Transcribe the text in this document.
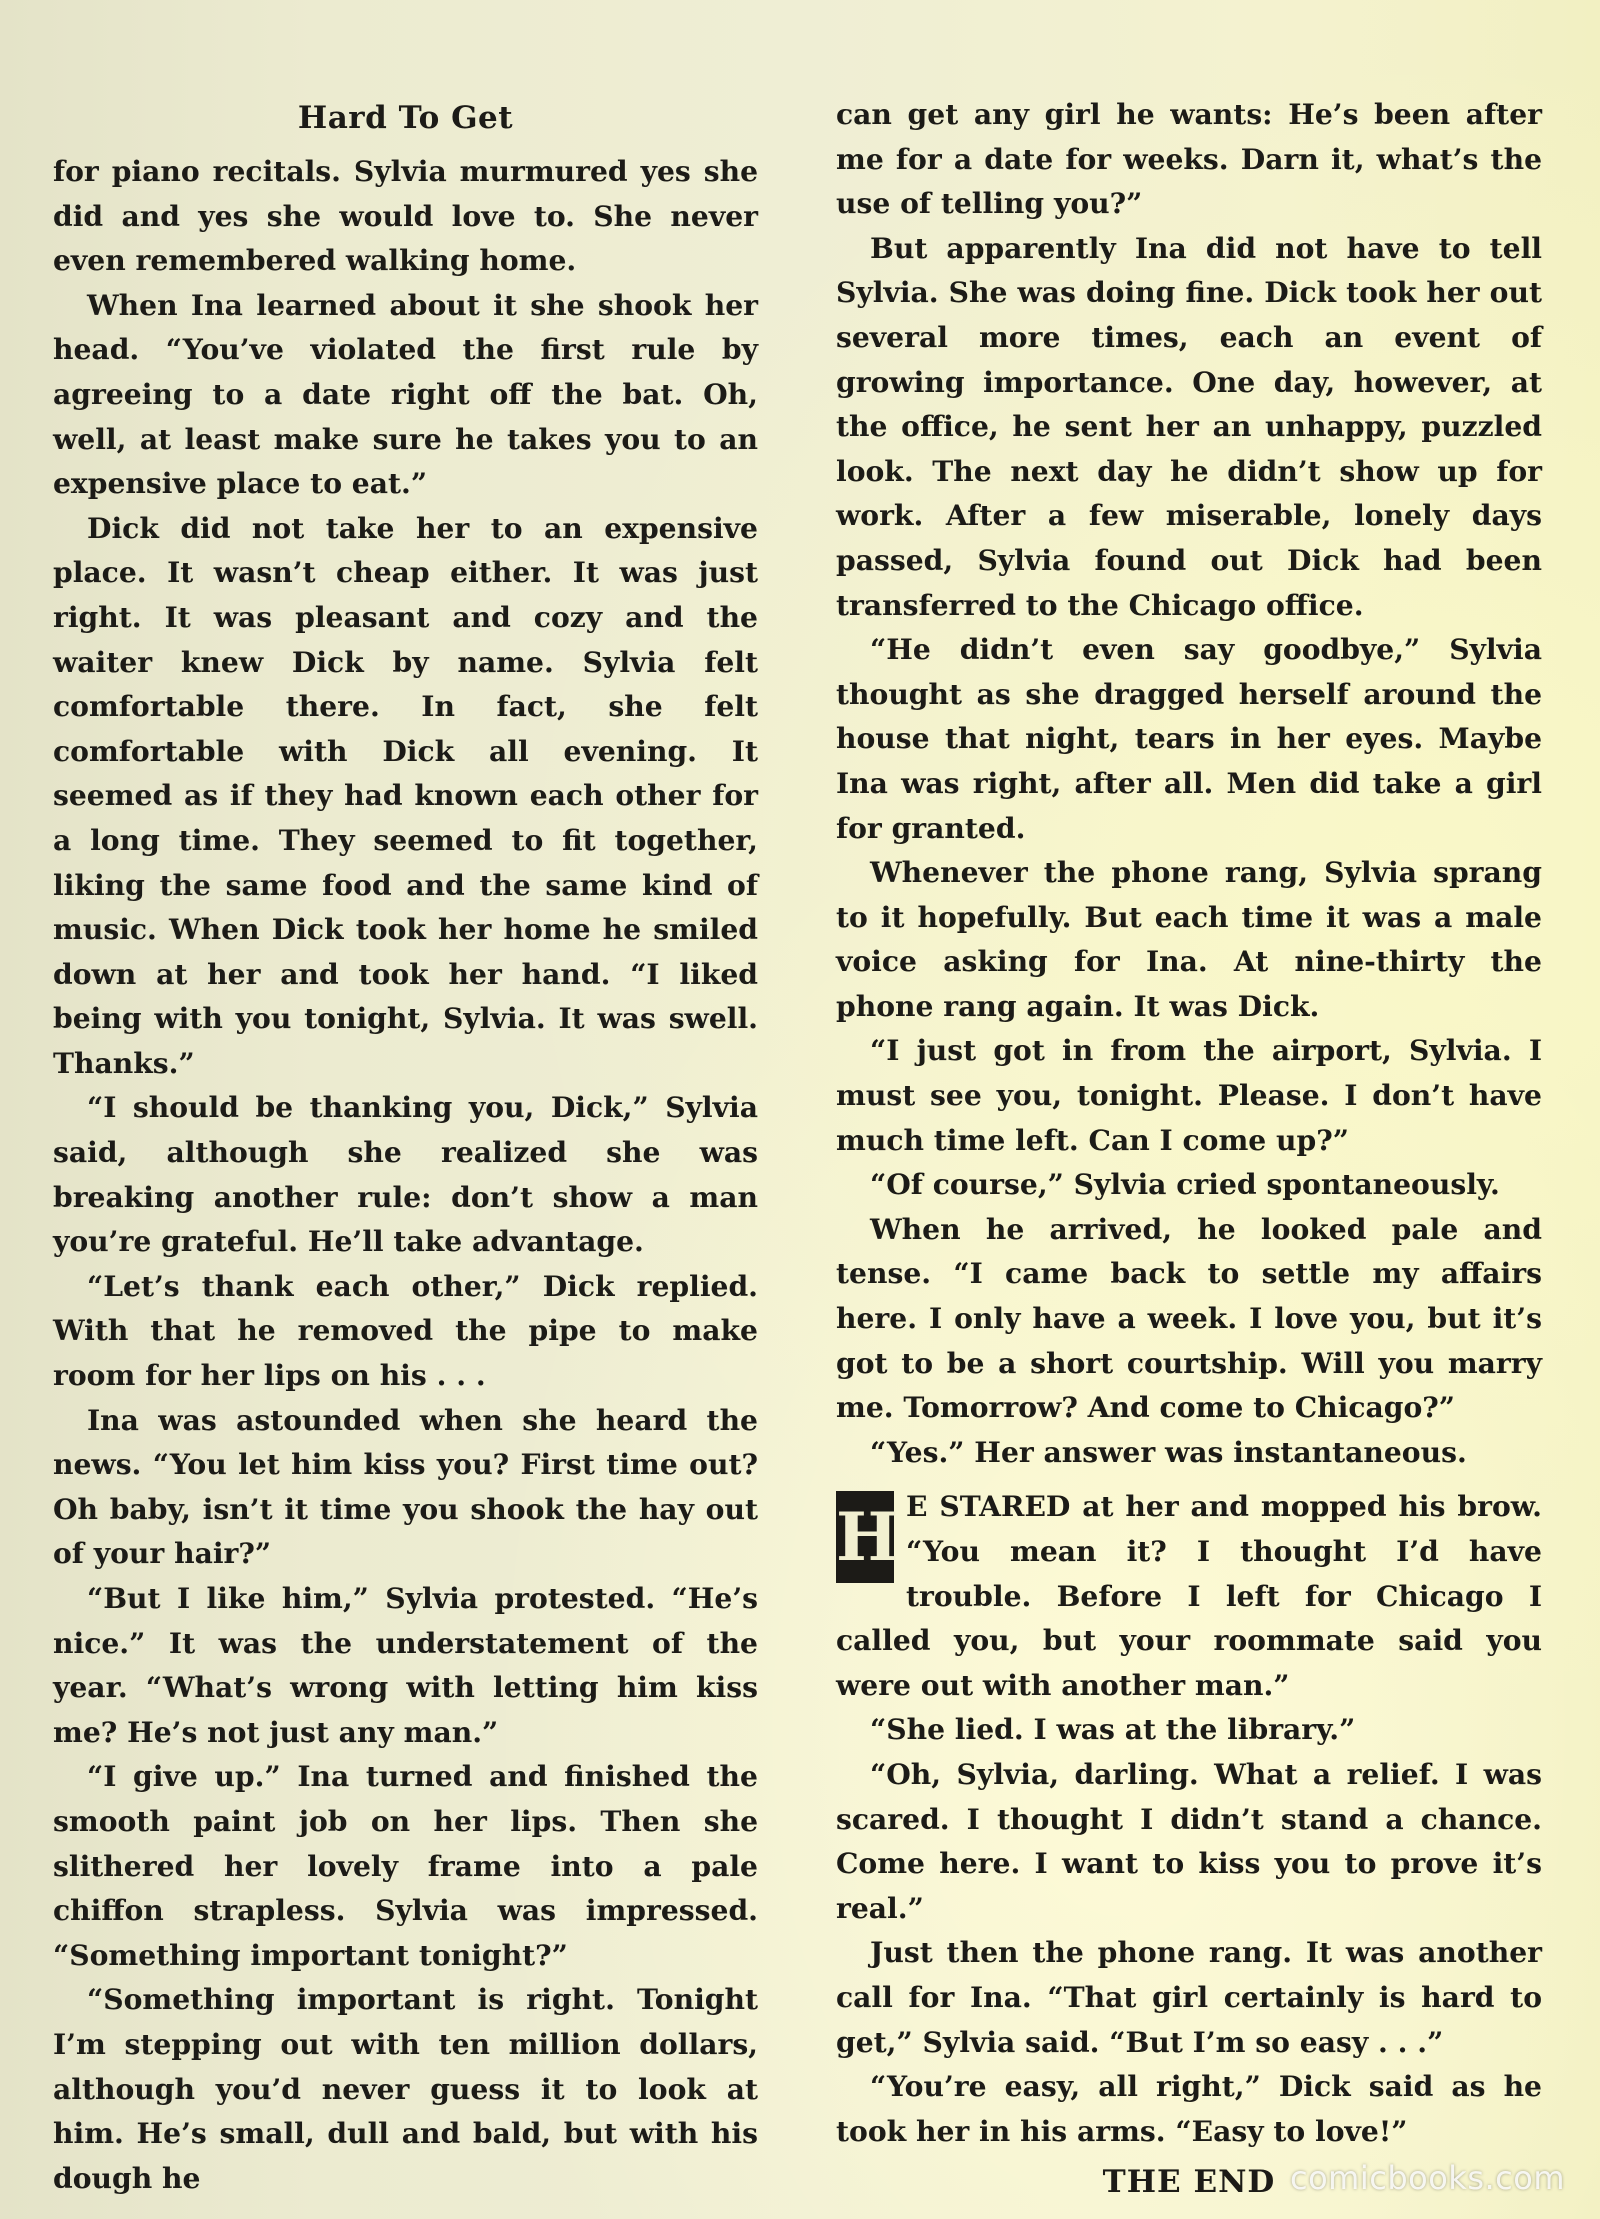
Hard To Get

for piano recitals. Sylvia murmured yes she did and yes she would love to. She never even remembered walking home.

When Ina learned about it she shook her head. “You’ve violated the first rule by agreeing to a date right off the bat. Oh, well, at least make sure he takes you to an expensive place to eat.”

Dick did not take her to an expensive place. It wasn’t cheap either. It was just right. It was pleasant and cozy and the waiter knew Dick by name. Sylvia felt comfortable there. In fact, she felt comfortable with Dick all evening. It seemed as if they had known each other for a long time. They seemed to fit together, liking the same food and the same kind of music. When Dick took her home he smiled down at her and took her hand. “I liked being with you tonight, Sylvia. It was swell. Thanks.”

“I should be thanking you, Dick,” Sylvia said, although she realized she was breaking another rule: don’t show a man you’re grateful. He’ll take advantage.

“Let’s thank each other,” Dick replied. With that he removed the pipe to make room for her lips on his . . .

Ina was astounded when she heard the news. “You let him kiss you? First time out? Oh baby, isn’t it time you shook the hay out of your hair?”

“But I like him,” Sylvia protested. “He’s nice.” It was the understatement of the year. “What’s wrong with letting him kiss me? He’s not just any man.”

“I give up.” Ina turned and finished the smooth paint job on her lips. Then she slithered her lovely frame into a pale chiffon strapless. Sylvia was impressed. “Something important tonight?”

“Something important is right. Tonight I’m stepping out with ten million dollars, although you’d never guess it to look at him. He’s small, dull and bald, but with his dough he

can get any girl he wants: He’s been after me for a date for weeks. Darn it, what’s the use of telling you?”

But apparently Ina did not have to tell Sylvia. She was doing fine. Dick took her out several more times, each an event of growing importance. One day, however, at the office, he sent her an unhappy, puzzled look. The next day he didn’t show up for work. After a few miserable, lonely days passed, Sylvia found out Dick had been transferred to the Chicago office.

“He didn’t even say goodbye,” Sylvia thought as she dragged herself around the house that night, tears in her eyes. Maybe Ina was right, after all. Men did take a girl for granted.

Whenever the phone rang, Sylvia sprang to it hopefully. But each time it was a male voice asking for Ina. At nine-thirty the phone rang again. It was Dick.

“I just got in from the airport, Sylvia. I must see you, tonight. Please. I don’t have much time left. Can I come up?”

“Of course,” Sylvia cried spontaneously.

When he arrived, he looked pale and tense. “I came back to settle my affairs here. I only have a week. I love you, but it’s got to be a short courtship. Will you marry me. Tomorrow? And come to Chicago?”

“Yes.” Her answer was instantaneous.

H E STARED at her and mopped his brow. “You mean it? I thought I’d have trouble. Before I left for Chicago I called you, but your roommate said you were out with another man.”

“She lied. I was at the library.”

“Oh, Sylvia, darling. What a relief. I was scared. I thought I didn’t stand a chance. Come here. I want to kiss you to prove it’s real.”

Just then the phone rang. It was another call for Ina. “That girl certainly is hard to get,” Sylvia said. “But I’m so easy . . .”

“You’re easy, all right,” Dick said as he took her in his arms. “Easy to love!”

THE END comicbooks.com
